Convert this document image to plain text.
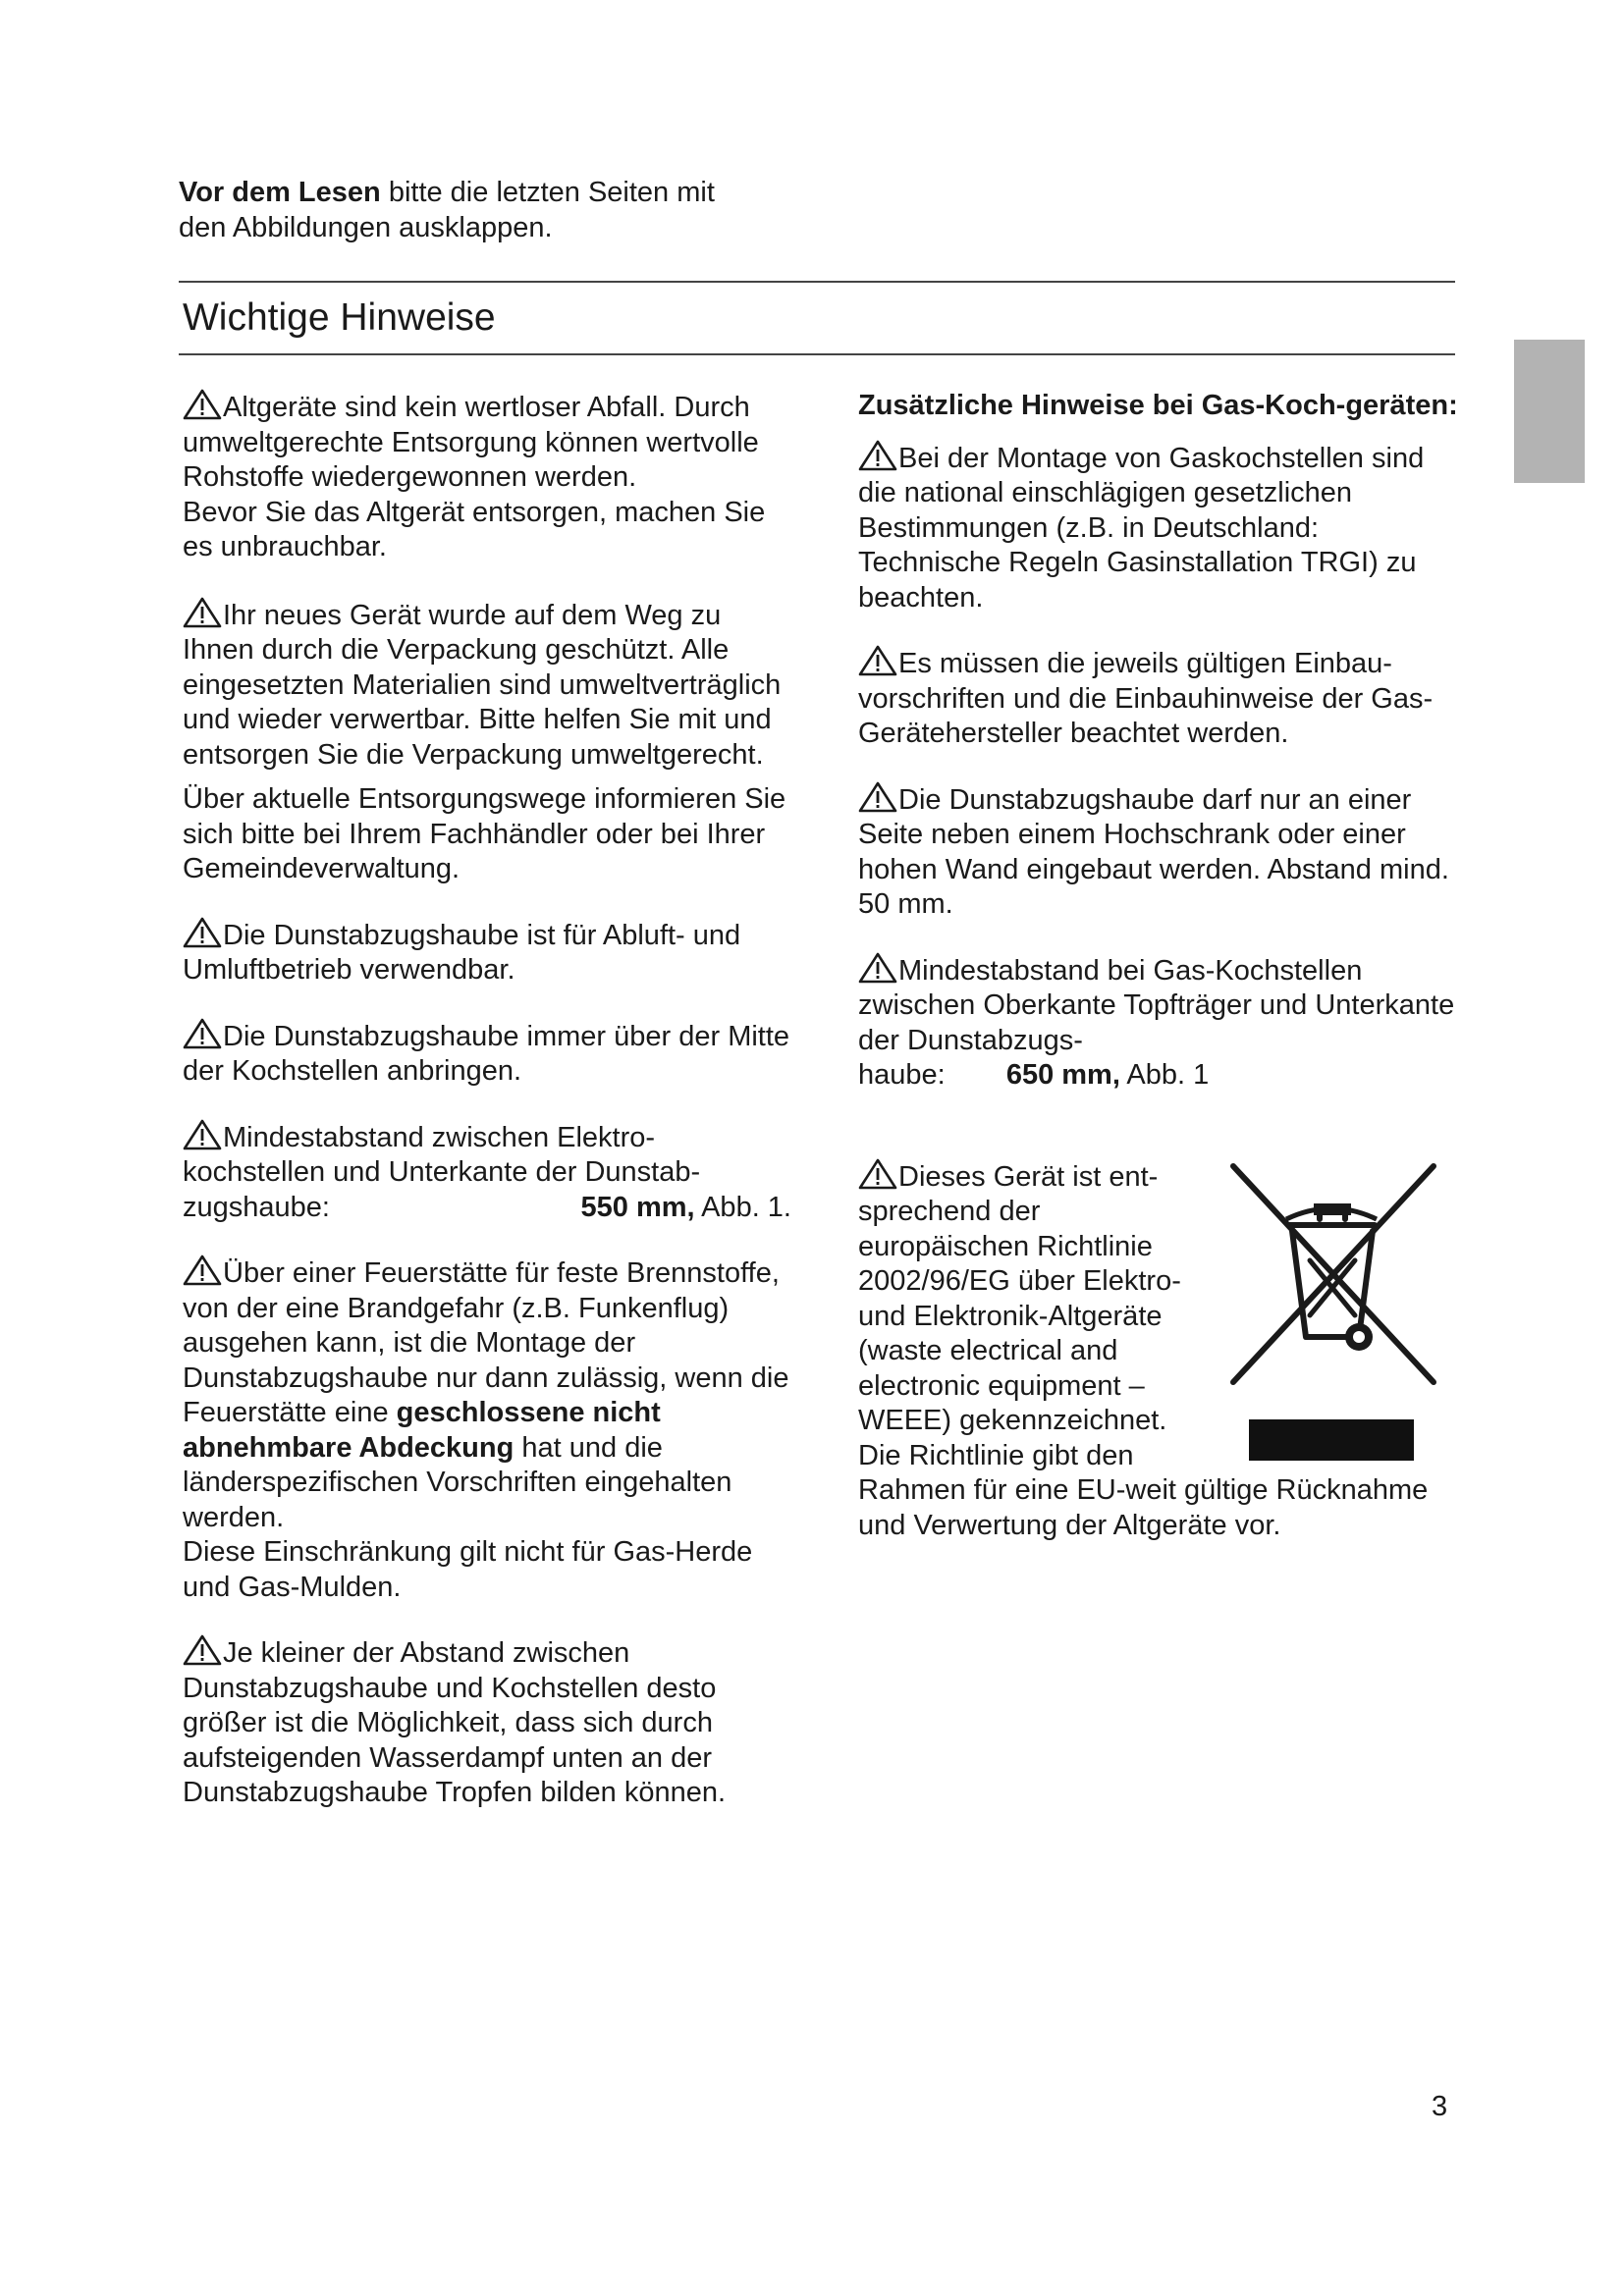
Vor dem Lesen bitte die letzten Seiten mit
den Abbildungen ausklappen.
Wichtige Hinweise

Altgeräte sind kein wertloser Abfall. Durch umweltgerechte Entsorgung können wertvolle Rohstoffe wiedergewonnen werden.
Bevor Sie das Altgerät entsorgen, machen Sie es unbrauchbar.

Ihr neues Gerät wurde auf dem Weg zu Ihnen durch die Verpackung geschützt. Alle eingesetzten Materialien sind umweltverträglich und wieder verwertbar. Bitte helfen Sie mit und entsorgen Sie die Verpackung umweltgerecht.

Über aktuelle Entsorgungswege informieren Sie sich bitte bei Ihrem Fachhändler oder bei Ihrer Gemeindeverwaltung.

Die Dunstabzugshaube ist für Abluft- und Umluftbetrieb verwendbar.

Die Dunstabzugshaube immer über der Mitte der Kochstellen anbringen.

Mindestabstand zwischen Elektro- kochstellen und Unterkante der Dunstab-
zugshaube:	550 mm, Abb. 1.

Über einer Feuerstätte für feste Brennstoffe, von der eine Brandgefahr (z.B. Funkenflug) ausgehen kann, ist die Montage der Dunstabzugshaube nur dann zulässig, wenn die Feuerstätte eine geschlossene nicht abnehmbare Abdeckung hat und die länderspezifischen Vorschriften eingehalten werden.
Diese Einschränkung gilt nicht für Gas-Herde und Gas-Mulden.

Je kleiner der Abstand zwischen Dunstabzugshaube und Kochstellen desto größer ist die Möglichkeit, dass sich durch aufsteigenden Wasserdampf unten an der Dunstabzugshaube Tropfen bilden können.

Zusätzliche Hinweise bei Gas-Koch-geräten:

Bei der Montage von Gaskochstellen sind die national einschlägigen gesetzlichen Bestimmungen (z.B. in Deutschland: Technische Regeln Gasinstallation TRGI) zu beachten.

Es müssen die jeweils gültigen Einbau-vorschriften und die Einbauhinweise der Gas-Gerätehersteller beachtet werden.

Die Dunstabzugshaube darf nur an einer Seite neben einem Hochschrank oder einer hohen Wand eingebaut werden. Abstand mind. 50 mm.

Mindestabstand bei Gas-Kochstellen zwischen Oberkante Topfträger und Unterkante der Dunstabzugs-
haube: 650 mm, Abb. 1
Dieses Gerät ist ent-sprechend der europäischen Richtlinie 2002/96/EG über Elektro- und Elektronik-Altgeräte (waste electrical and electronic equipment – WEEE) gekennzeichnet. Die Richtlinie gibt den
Rahmen für eine EU-weit gültige Rücknahme und Verwertung der Altgeräte vor.
3
